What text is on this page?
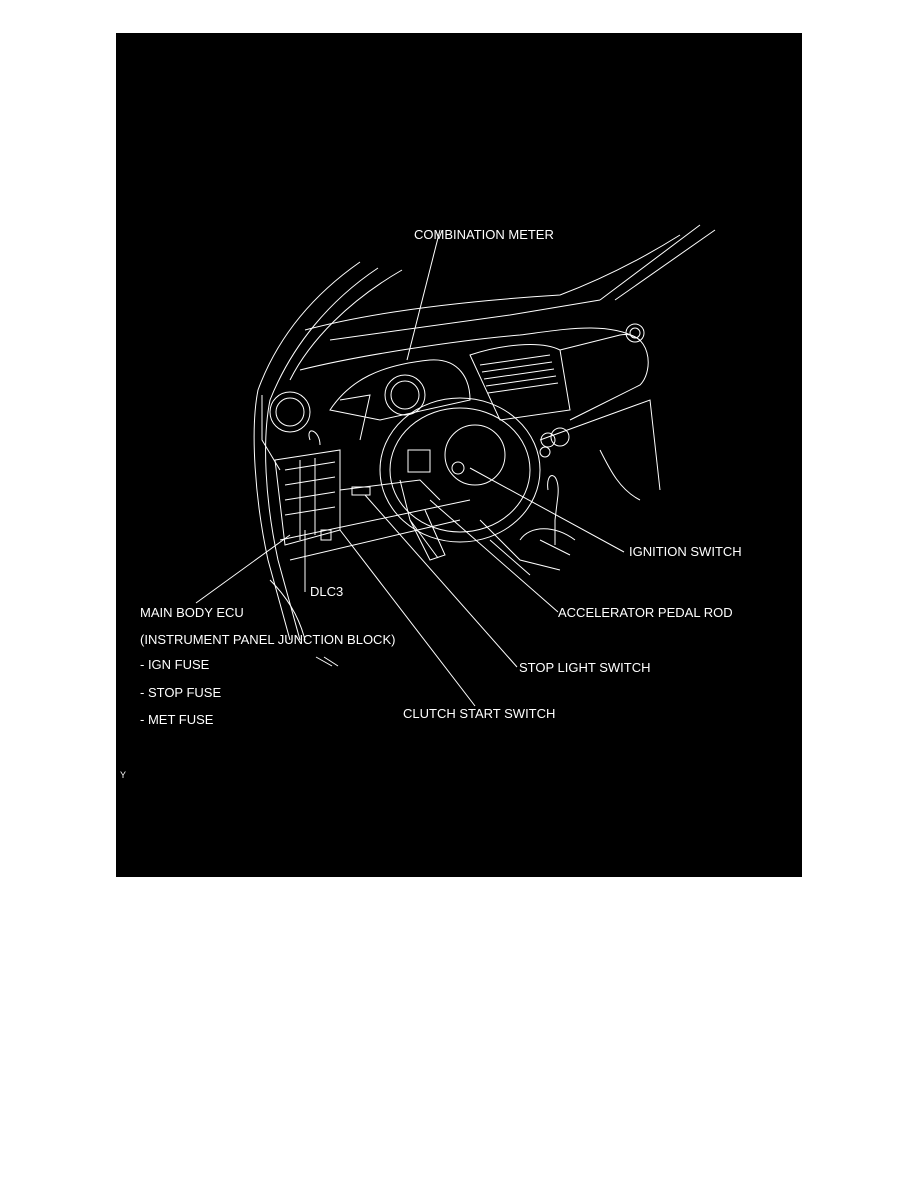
COMBINATION METER
IGNITION SWITCH
DLC3
ACCELERATOR PEDAL ROD
MAIN BODY ECU
(INSTRUMENT PANEL JUNCTION BLOCK)
- IGN FUSE
- STOP FUSE
- MET FUSE
STOP LIGHT SWITCH
CLUTCH START SWITCH
Y
